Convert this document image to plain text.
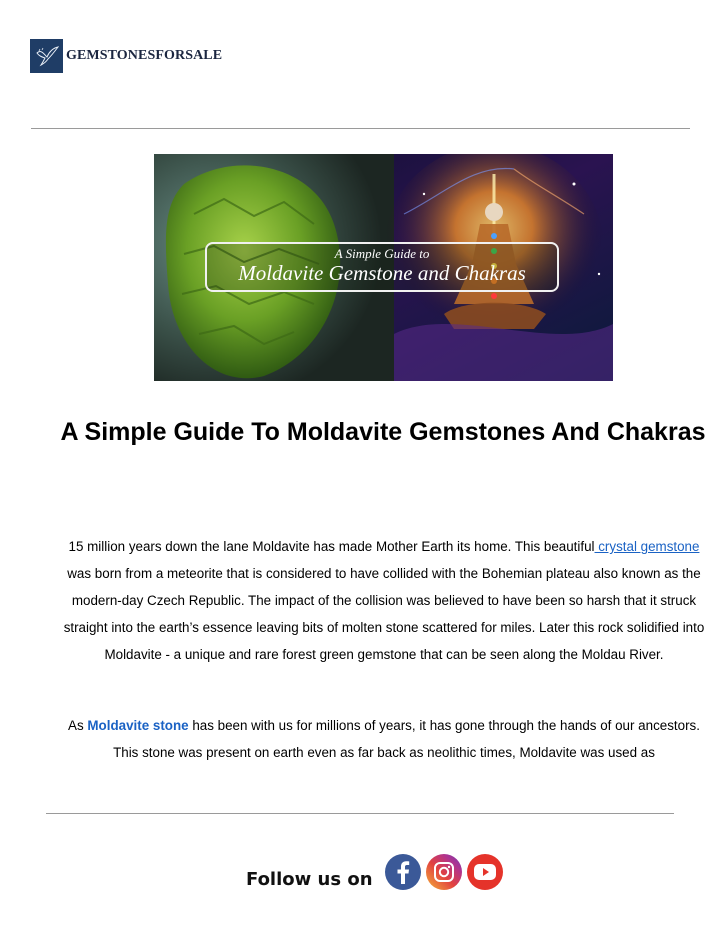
GEMSTONESFORSALE
A Simple Guide to
Moldavite Gemstone and Chakras
A Simple Guide To Moldavite Gemstones And Chakras

15 million years down the lane Moldavite has made Mother Earth its home. This beautiful crystal gemstone was born from a meteorite that is considered to have collided with the Bohemian plateau also known as the modern-day Czech Republic. The impact of the collision was believed to have been so harsh that it struck straight into the earth’s essence leaving bits of molten stone scattered for miles. Later this rock solidified into Moldavite - a unique and rare forest green gemstone that can be seen along the Moldau River.

As Moldavite stone has been with us for millions of years, it has gone through the hands of our ancestors. This stone was present on earth even as far back as neolithic times, Moldavite was used as

Follow us on
